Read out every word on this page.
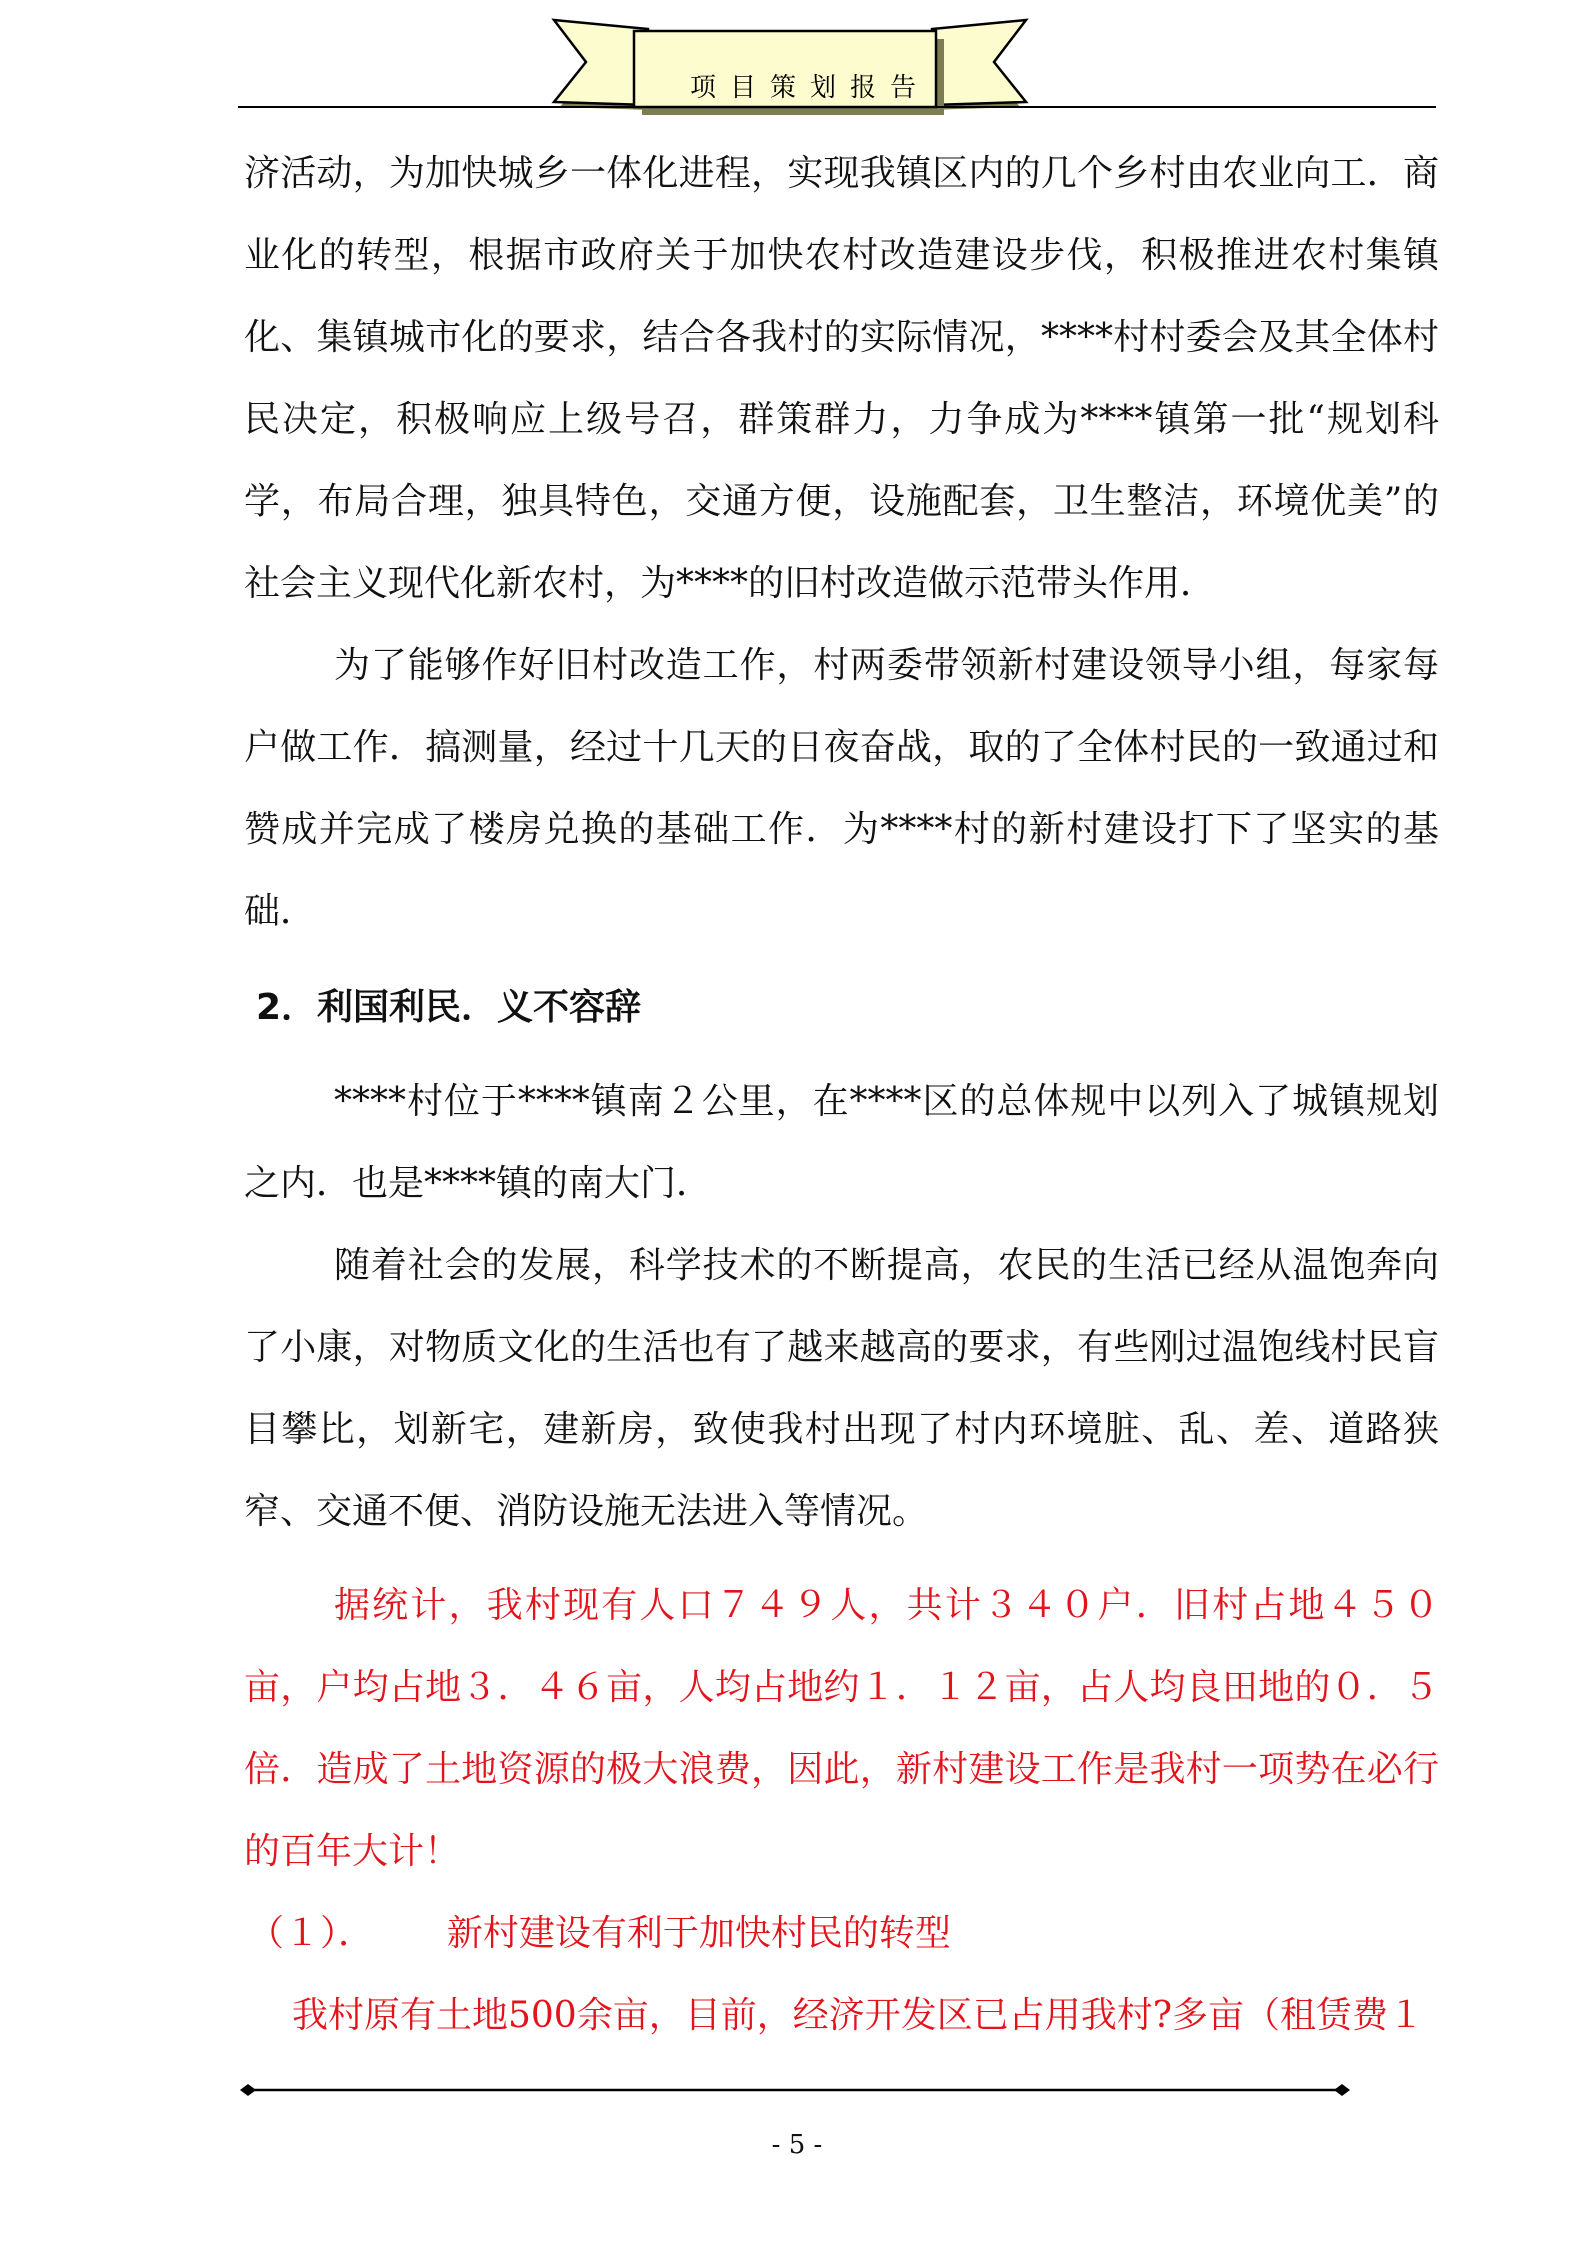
项目策划报告

济活动，为加快城乡一体化进程，实现我镇区内的几个乡村由农业向工．商业化的转型，根据市政府关于加快农村改造建设步伐，积极推进农村集镇化、集镇城市化的要求，结合各我村的实际情况，****村村委会及其全体村民决定，积极响应上级号召，群策群力，力争成为****镇第一批“规划科学，布局合理，独具特色，交通方便，设施配套，卫生整洁，环境优美”的社会主义现代化新农村，为****的旧村改造做示范带头作用．

为了能够作好旧村改造工作，村两委带领新村建设领导小组，每家每户做工作．搞测量，经过十几天的日夜奋战，取的了全体村民的一致通过和赞成并完成了楼房兑换的基础工作．为****村的新村建设打下了坚实的基础．

2．利国利民．义不容辞

****村位于****镇南２公里，在****区的总体规中以列入了城镇规划之内．也是****镇的南大门．

随着社会的发展，科学技术的不断提高，农民的生活已经从温饱奔向了小康，对物质文化的生活也有了越来越高的要求，有些刚过温饱线村民盲目攀比，划新宅，建新房，致使我村出现了村内环境脏、乱、差、道路狭窄、交通不便、消防设施无法进入等情况。

据统计，我村现有人口７４９人，共计３４０户．旧村占地４５０亩，户均占地３．４６亩，人均占地约１．１２亩，占人均良田地的０．５倍．造成了土地资源的极大浪费，因此，新村建设工作是我村一项势在必行的百年大计！

（１）． 新村建设有利于加快村民的转型

我村原有土地500余亩，目前，经济开发区已占用我村?多亩（租赁费１

- 5 -
